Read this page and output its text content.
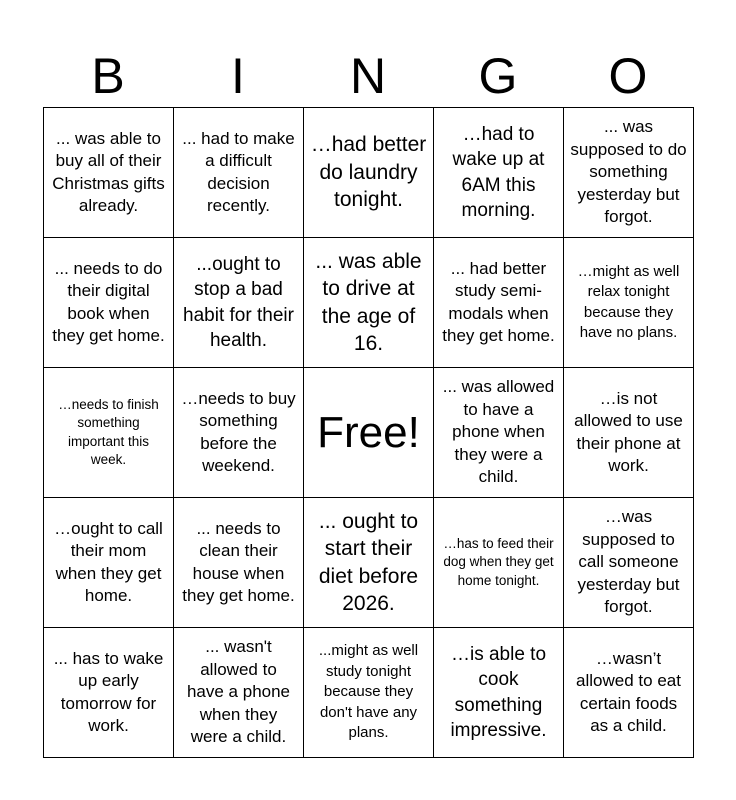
B	I	N	G	O
... was able to buy all of their Christmas gifts already.
... had to make a difficult decision recently.
…had better do laundry tonight.
…had to wake up at 6AM this morning.
... was supposed to do something yesterday but forgot.
... needs to do their digital book when they get home.
...ought to stop a bad habit for their health.
... was able to drive at the age of 16.
... had better study semi-modals when they get home.
…might as well relax tonight because they have no plans.
…needs to finish something important this week.
…needs to buy something before the weekend.
Free!
... was allowed to have a phone when they were a child.
…is not allowed to use their phone at work.
…ought to call their mom when they get home.
... needs to clean their house when they get home.
... ought to start their diet before 2026.
…has to feed their dog when they get home tonight.
…was supposed to call someone yesterday but forgot.
... has to wake up early tomorrow for work.
... wasn't allowed to have a phone when they were a child.
...might as well study tonight because they don't have any plans.
…is able to cook something impressive.
…wasn’t allowed to eat certain foods as a child.
